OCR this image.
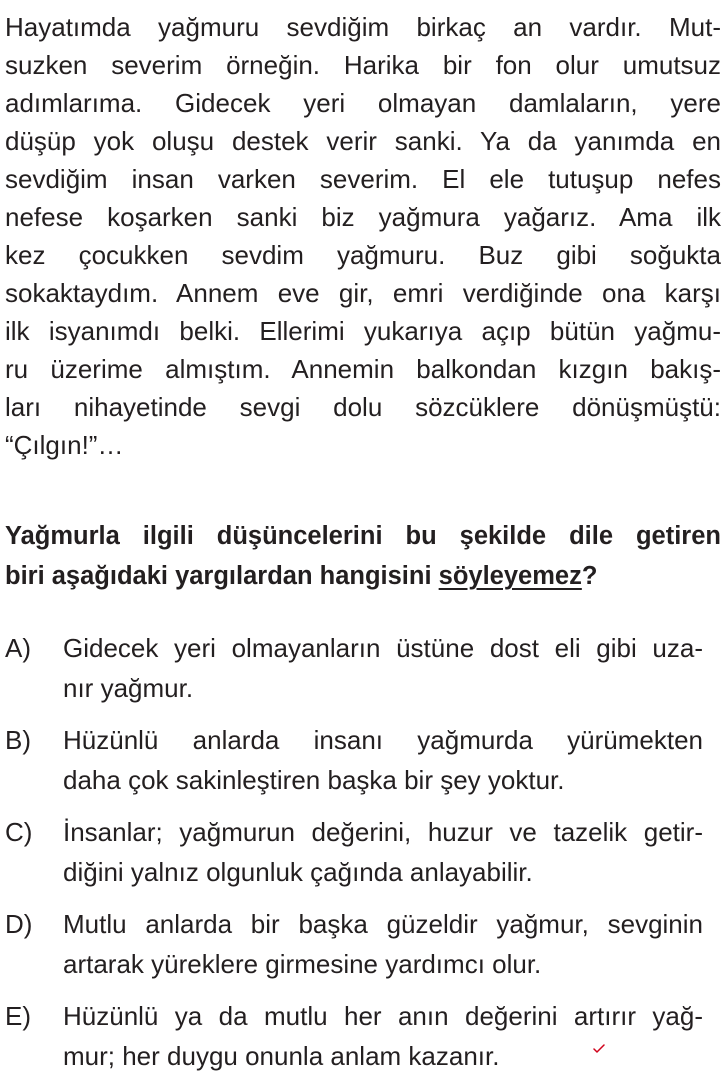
Hayatımda yağmuru sevdiğim birkaç an vardır. Mut-
suzken severim örneğin. Harika bir fon olur umutsuz
adımlarıma. Gidecek yeri olmayan damlaların, yere
düşüp yok oluşu destek verir sanki. Ya da yanımda en
sevdiğim insan varken severim. El ele tutuşup nefes
nefese koşarken sanki biz yağmura yağarız. Ama ilk
kez çocukken sevdim yağmuru. Buz gibi soğukta
sokaktaydım. Annem eve gir, emri verdiğinde ona karşı
ilk isyanımdı belki. Ellerimi yukarıya açıp bütün yağmu-
ru üzerime almıştım. Annemin balkondan kızgın bakış-
ları nihayetinde sevgi dolu sözcüklere dönüşmüştü:
“Çılgın!”…
Yağmurla ilgili düşüncelerini bu şekilde dile getiren
biri aşağıdaki yargılardan hangisini söyleyemez?
A)	Gidecek yeri olmayanların üstüne dost eli gibi uza-
nır yağmur.
B)	Hüzünlü anlarda insanı yağmurda yürümekten
daha çok sakinleştiren başka bir şey yoktur.
C)	İnsanlar; yağmurun değerini, huzur ve tazelik getir-
diğini yalnız olgunluk çağında anlayabilir.
D)	Mutlu anlarda bir başka güzeldir yağmur, sevginin
artarak yüreklere girmesine yardımcı olur.
E)	Hüzünlü ya da mutlu her anın değerini artırır yağ-
mur; her duygu onunla anlam kazanır.
